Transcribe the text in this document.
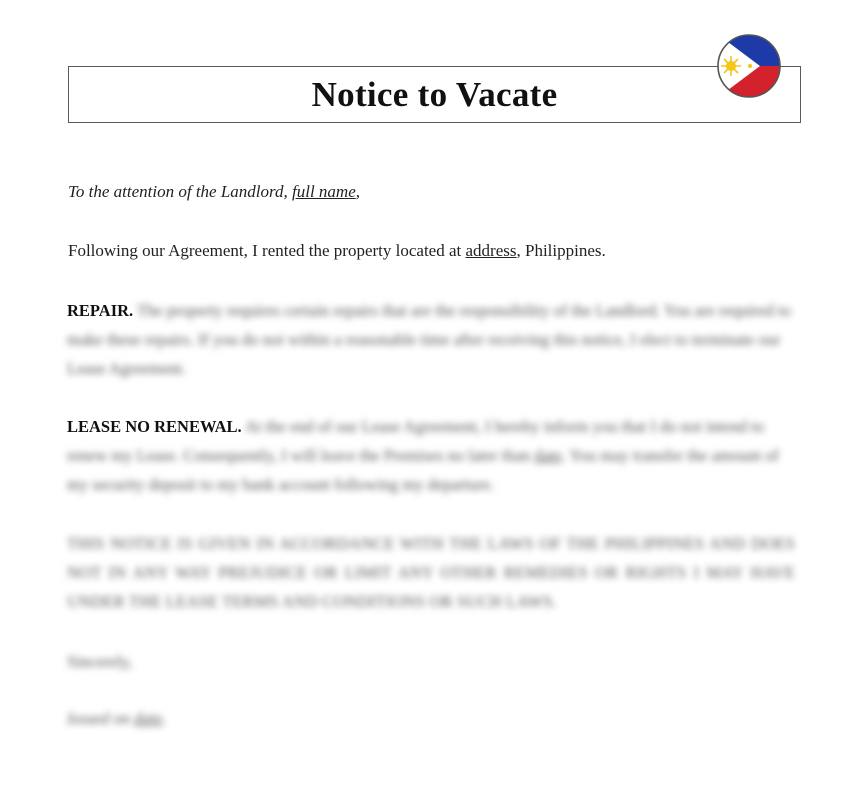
Notice to Vacate
To the attention of the Landlord, full name,
Following our Agreement, I rented the property located at address, Philippines.
REPAIR. The property requires certain repairs that are the responsibility of the Landlord. You are required to make these repairs. If you do not within a reasonable time after receiving this notice, I elect to terminate our Lease Agreement.
LEASE NO RENEWAL. At the end of our Lease Agreement, I hereby inform you that I do not intend to renew my Lease. Consequently, I will leave the Premises no later than date. You may transfer the amount of my security deposit to my bank account following my departure.
THIS NOTICE IS GIVEN IN ACCORDANCE WITH THE LAWS OF THE PHILIPPINES AND DOES NOT IN ANY WAY PREJUDICE OR LIMIT ANY OTHER REMEDIES OR RIGHTS I MAY HAVE UNDER THE LEASE TERMS AND CONDITIONS OR SUCH LAWS.
Sincerely,
Issued on date.
